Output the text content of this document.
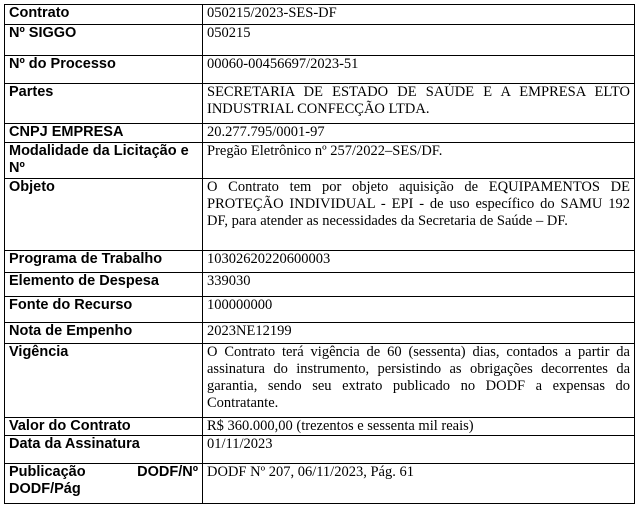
Contrato	050215/2023-SES-DF
Nº SIGGO	050215
Nº do Processo	00060-00456697/2023-51
Partes	SECRETARIA DE ESTADO DE SAÚDE E A EMPRESA ELTO INDUSTRIAL CONFECÇÃO LTDA.
CNPJ EMPRESA	20.277.795/0001-97
Modalidade da Licitação e Nº	Pregão Eletrônico nº 257/2022–SES/DF.
Objeto	O Contrato tem por objeto aquisição de EQUIPAMENTOS DE PROTEÇÃO INDIVIDUAL - EPI - de uso específico do SAMU 192 DF, para atender as necessidades da Secretaria de Saúde – DF.
Programa de Trabalho	10302620220600003
Elemento de Despesa	339030
Fonte do Recurso	100000000
Nota de Empenho	2023NE12199
Vigência	O Contrato terá vigência de 60 (sessenta) dias, contados a partir da assinatura do instrumento, persistindo as obrigações decorrentes da garantia, sendo seu extrato publicado no DODF a expensas do Contratante.
Valor do Contrato	R$ 360.000,00 (trezentos e sessenta mil reais)
Data da Assinatura	01/11/2023
Publicação DODF/Nº DODF/Pág	DODF Nº 207, 06/11/2023, Pág. 61
